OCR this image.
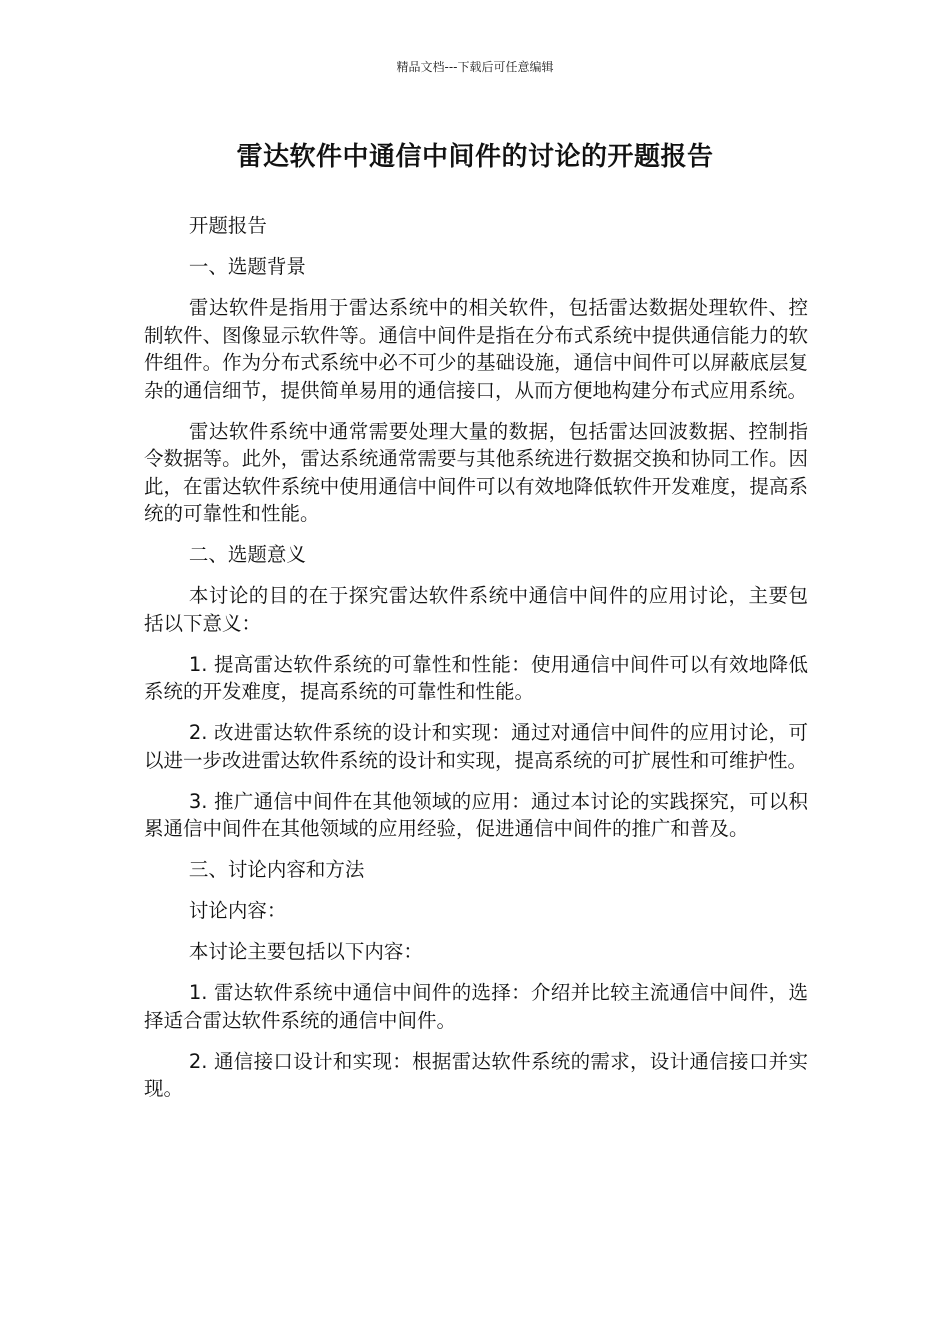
精品文档---下载后可任意编辑
雷达软件中通信中间件的讨论的开题报告

开题报告

一、选题背景

雷达软件是指用于雷达系统中的相关软件，包括雷达数据处理软件、控制软件、图像显示软件等。通信中间件是指在分布式系统中提供通信能力的软件组件。作为分布式系统中必不可少的基础设施，通信中间件可以屏蔽底层复杂的通信细节，提供简单易用的通信接口，从而方便地构建分布式应用系统。

雷达软件系统中通常需要处理大量的数据，包括雷达回波数据、控制指令数据等。此外，雷达系统通常需要与其他系统进行数据交换和协同工作。因此，在雷达软件系统中使用通信中间件可以有效地降低软件开发难度，提高系统的可靠性和性能。

二、选题意义

本讨论的目的在于探究雷达软件系统中通信中间件的应用讨论，主要包括以下意义：

1. 提高雷达软件系统的可靠性和性能：使用通信中间件可以有效地降低系统的开发难度，提高系统的可靠性和性能。

2. 改进雷达软件系统的设计和实现：通过对通信中间件的应用讨论，可以进一步改进雷达软件系统的设计和实现，提高系统的可扩展性和可维护性。

3. 推广通信中间件在其他领域的应用：通过本讨论的实践探究，可以积累通信中间件在其他领域的应用经验，促进通信中间件的推广和普及。

三、讨论内容和方法

讨论内容：

本讨论主要包括以下内容：

1. 雷达软件系统中通信中间件的选择：介绍并比较主流通信中间件，选择适合雷达软件系统的通信中间件。

2. 通信接口设计和实现：根据雷达软件系统的需求，设计通信接口并实现。
